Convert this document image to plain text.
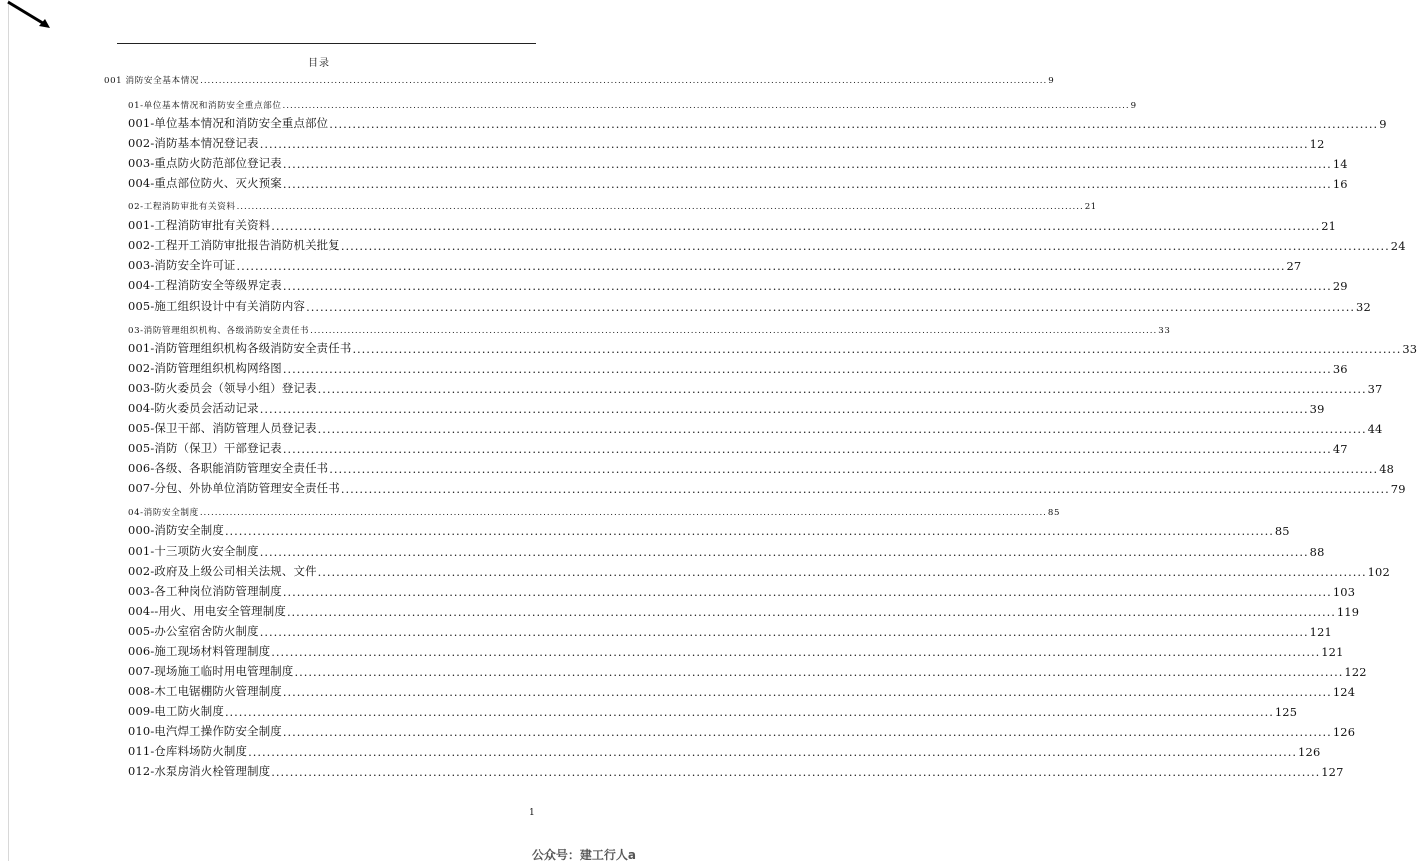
目录
001 消防安全基本情况 ................................................................................................................................................................................................................................... 9
01-单位基本情况和消防安全重点部位 ................................................................................................................................................................................................................................... 9
001-单位基本情况和消防安全重点部位 ................................................................................................................................................................................................................................... 9
002-消防基本情况登记表 ................................................................................................................................................................................................................................... 12
003-重点防火防范部位登记表 ................................................................................................................................................................................................................................... 14
004-重点部位防火、灭火预案 ................................................................................................................................................................................................................................... 16
02-工程消防审批有关资料 ................................................................................................................................................................................................................................... 21
001-工程消防审批有关资料 ................................................................................................................................................................................................................................... 21
002-工程开工消防审批报告消防机关批复 ................................................................................................................................................................................................................................... 24
003-消防安全许可证 ................................................................................................................................................................................................................................... 27
004-工程消防安全等级界定表 ................................................................................................................................................................................................................................... 29
005-施工组织设计中有关消防内容 ................................................................................................................................................................................................................................... 32
03-消防管理组织机构、各级消防安全责任书 ................................................................................................................................................................................................................................... 33
001-消防管理组织机构各级消防安全责任书 ................................................................................................................................................................................................................................... 33
002-消防管理组织机构网络图 ................................................................................................................................................................................................................................... 36
003-防火委员会（领导小组）登记表 ................................................................................................................................................................................................................................... 37
004-防火委员会活动记录 ................................................................................................................................................................................................................................... 39
005-保卫干部、消防管理人员登记表 ................................................................................................................................................................................................................................... 44
005-消防（保卫）干部登记表 ................................................................................................................................................................................................................................... 47
006-各级、各职能消防管理安全责任书 ................................................................................................................................................................................................................................... 48
007-分包、外协单位消防管理安全责任书 ................................................................................................................................................................................................................................... 79
04-消防安全制度 ................................................................................................................................................................................................................................... 85
000-消防安全制度 ................................................................................................................................................................................................................................... 85
001-十三项防火安全制度 ................................................................................................................................................................................................................................... 88
002-政府及上级公司相关法规、文件 ................................................................................................................................................................................................................................... 102
003-各工种岗位消防管理制度 ................................................................................................................................................................................................................................... 103
004--用火、用电安全管理制度 ................................................................................................................................................................................................................................... 119
005-办公室宿舍防火制度 ................................................................................................................................................................................................................................... 121
006-施工现场材料管理制度 ................................................................................................................................................................................................................................... 121
007-现场施工临时用电管理制度 ................................................................................................................................................................................................................................... 122
008-木工电锯棚防火管理制度 ................................................................................................................................................................................................................................... 124
009-电工防火制度 ................................................................................................................................................................................................................................... 125
010-电汽焊工操作防安全制度 ................................................................................................................................................................................................................................... 126
011-仓库料场防火制度 ................................................................................................................................................................................................................................... 126
012-水泵房消火栓管理制度 ................................................................................................................................................................................................................................... 127
1
公众号：建工行人a
